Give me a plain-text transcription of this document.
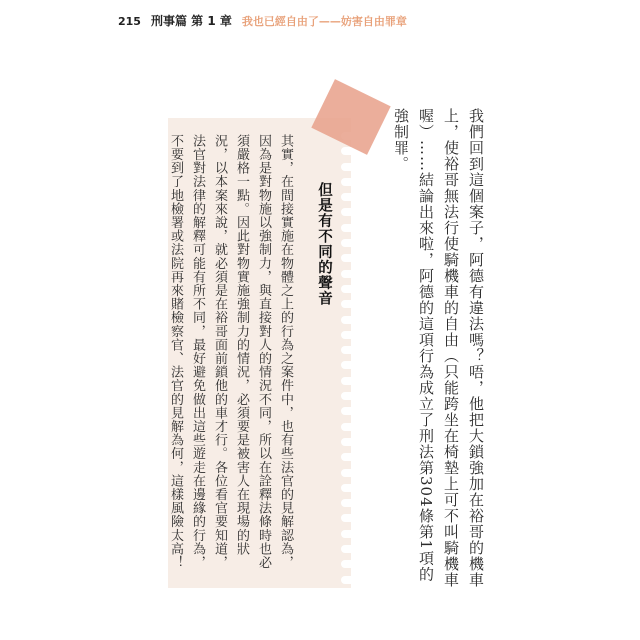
215 刑事篇 第 1 章 我也已經自由了——妨害自由罪章

我們回到這個案子，阿德有違法嗎？唔，他把大鎖強加在裕哥的機車上，使裕哥無法行使騎機車的自由（只能跨坐在椅墊上可不叫騎機車喔）……結論出來啦，阿德的這項行為成立了刑法第304條第1項的強制罪。

但是有不同的聲音

其實，在間接實施在物體之上的行為之案件中，也有些法官的見解認為，因為是對物施以強制力，與直接對人的情況不同，所以在詮釋法條時也必須嚴格一點。因此對物實施強制力的情況，必須要是被害人在現場的狀況，以本案來說，就必須是在裕哥面前鎖他的車才行。各位看官要知道，法官對法律的解釋可能有所不同，最好避免做出這些遊走在邊緣的行為，不要到了地檢署或法院再來賭檢察官、法官的見解為何，這樣風險太高！
